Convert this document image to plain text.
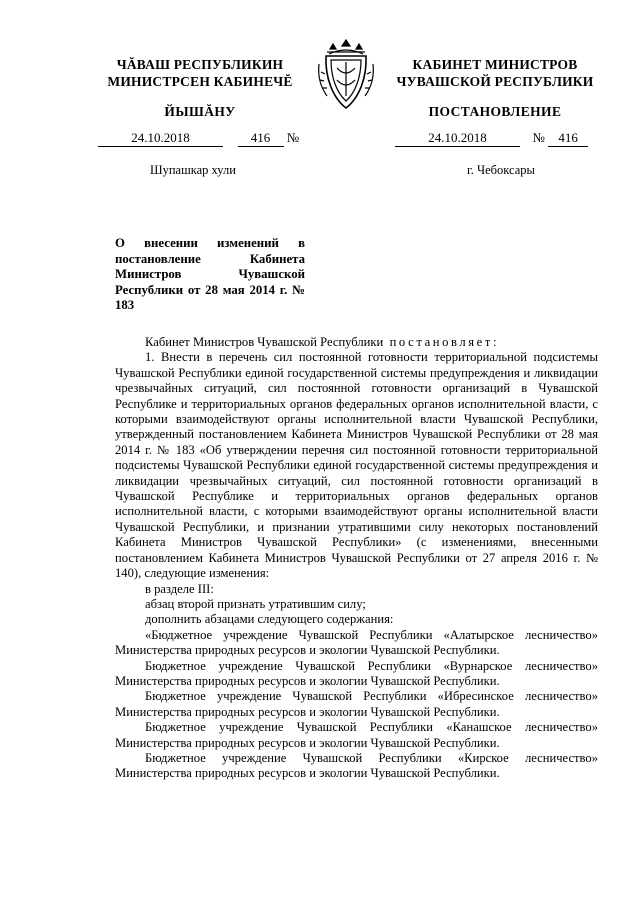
ЧĂВАШ РЕСПУБЛИКИН
МИНИСТРСЕН КАБИНЕЧĔ
ЙЫШĂНУ
КАБИНЕТ МИНИСТРОВ
ЧУВАШСКОЙ РЕСПУБЛИКИ
ПОСТАНОВЛЕНИЕ
24.10.2018	416 №	24.10.2018	№ 416
Шупашкар хули	г. Чебоксары
О внесении изменений в постановление Кабинета Министров Чувашской Республики от 28 мая 2014 г. № 183

Кабинет Министров Чувашской Республики постановляет:

1. Внести в перечень сил постоянной готовности территориальной подсистемы Чувашской Республики единой государственной системы предупреждения и ликвидации чрезвычайных ситуаций, сил постоянной готовности организаций в Чувашской Республике и территориальных органов федеральных органов исполнительной власти, с которыми взаимодействуют органы исполнительной власти Чувашской Республики, утвержденный постановлением Кабинета Министров Чувашской Республики от 28 мая 2014 г. № 183 «Об утверждении перечня сил постоянной готовности территориальной подсистемы Чувашской Республики единой государственной системы предупреждения и ликвидации чрезвычайных ситуаций, сил постоянной готовности организаций в Чувашской Республике и территориальных органов федеральных органов исполнительной власти, с которыми взаимодействуют органы исполнительной власти Чувашской Республики, и признании утратившими силу некоторых постановлений Кабинета Министров Чувашской Республики» (с изменениями, внесенными постановлением Кабинета Министров Чувашской Республики от 27 апреля 2016 г. № 140), следующие изменения:

в разделе III:

абзац второй признать утратившим силу;

дополнить абзацами следующего содержания:

«Бюджетное учреждение Чувашской Республики «Алатырское лесничество» Министерства природных ресурсов и экологии Чувашской Республики.

Бюджетное учреждение Чувашской Республики «Вурнарское лесничество» Министерства природных ресурсов и экологии Чувашской Республики.

Бюджетное учреждение Чувашской Республики «Ибресинское лесничество» Министерства природных ресурсов и экологии Чувашской Республики.

Бюджетное учреждение Чувашской Республики «Канашское лесничество» Министерства природных ресурсов и экологии Чувашской Республики.

Бюджетное учреждение Чувашской Республики «Кирское лесничество» Министерства природных ресурсов и экологии Чувашской Республики.
